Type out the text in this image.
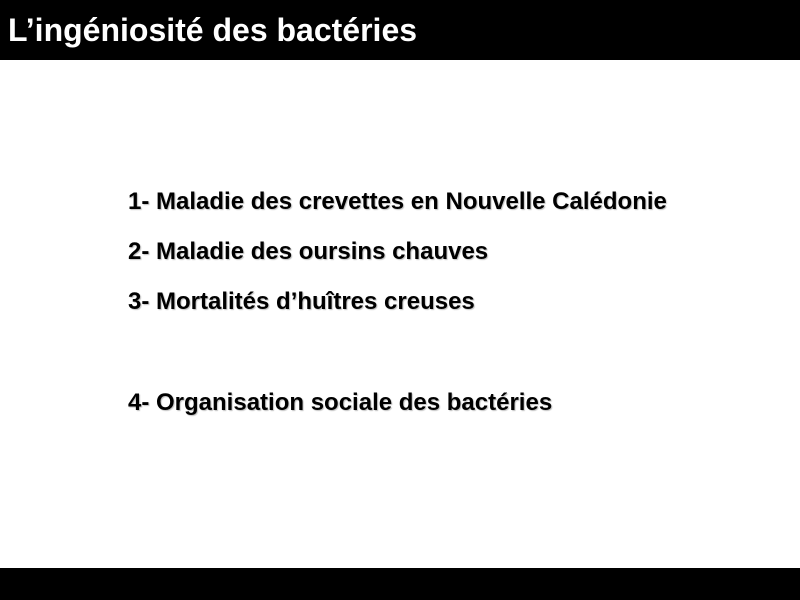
L’ingéniosité des bactéries
1- Maladie des crevettes en Nouvelle Calédonie
2- Maladie des oursins chauves
3- Mortalités d’huîtres creuses
4- Organisation sociale des bactéries
